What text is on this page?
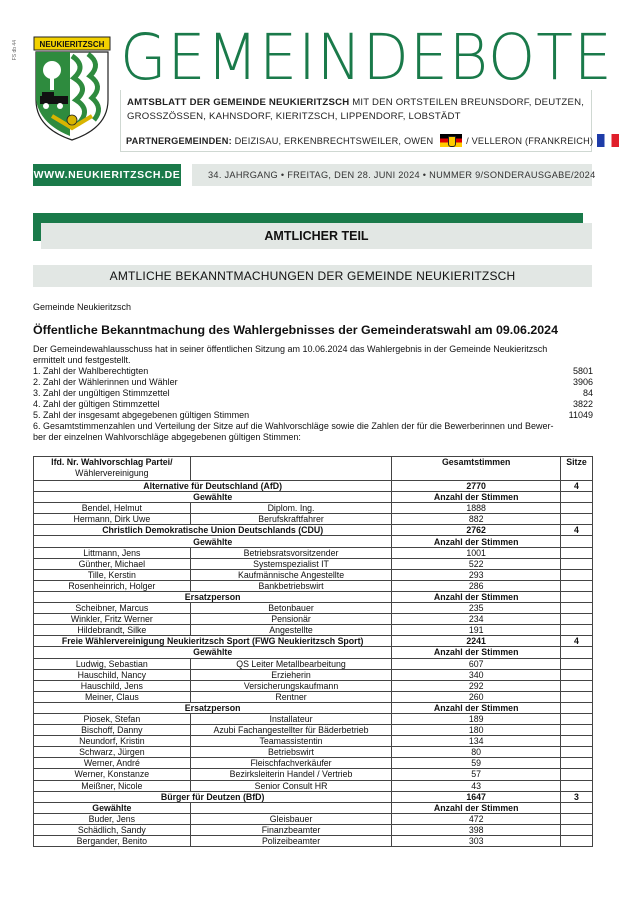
FS db 44	NEUKIERITZSCH GEMEINDEBOTE
AMTSBLATT DER GEMEINDE NEUKIERITZSCH MIT DEN ORTSTEILEN BREUNSDORF, DEUTZEN,
GROSSZÖSSEN, KAHNSDORF, KIERITZSCH, LIPPENDORF, LOBSTÄDT
PARTNERGEMEINDEN: DEIZISAU, ERKENBRECHTSWEILER, OWEN	/ VELLERON (FRANKREICH)
WWW.NEUKIERITZSCH.DE	34. JAHRGANG • FREITAG, DEN 28. JUNI 2024 • NUMMER 9/SONDERAUSGABE/2024
AMTLICHER TEIL
AMTLICHE BEKANNTMACHUNGEN DER GEMEINDE NEUKIERITZSCH
Gemeinde Neukieritzsch
Öffentliche Bekanntmachung des Wahlergebnisses der Gemeinderatswahl am 09.06.2024
Der Gemeindewahlausschuss hat in seiner öffentlichen Sitzung am 10.06.2024 das Wahlergebnis in der Gemeinde Neukieritzsch
ermittelt und festgestellt.
1. Zahl der Wahlberechtigten	5801
2. Zahl der Wählerinnen und Wähler	3906
3. Zahl der ungültigen Stimmzettel	84
4. Zahl der gültigen Stimmzettel	3822
5. Zahl der insgesamt abgegebenen gültigen Stimmen	11049
6. Gesamtstimmenzahlen und Verteilung der Sitze auf die Wahlvorschläge sowie die Zahlen der für die Bewerberinnen und Bewer-
ber der einzelnen Wahlvorschläge abgegebenen gültigen Stimmen:
lfd. Nr. Wahlvorschlag Partei/
Wählervereinigung		Gesamtstimmen	Sitze
Alternative für Deutschland (AfD)		2770	4
Gewählte		Anzahl der Stimmen	
Bendel, Helmut	Diplom. Ing.	1888	
Hermann, Dirk Uwe	Berufskraftfahrer	882	
Christlich Demokratische Union Deutschlands (CDU)		2762	4
Gewählte		Anzahl der Stimmen	
Littmann, Jens	Betriebsratsvorsitzender	1001	
Günther, Michael	Systemspezialist IT	522	
Tille, Kerstin	Kaufmännische Angestellte	293	
Rosenheinrich, Holger	Bankbetriebswirt	286	
Ersatzperson		Anzahl der Stimmen	
Scheibner, Marcus	Betonbauer	235	
Winkler, Fritz Werner	Pensionär	234	
Hildebrandt, Silke	Angestellte	191	
Freie Wählervereinigung Neukieritzsch Sport (FWG Neukieritzsch Sport)		2241	4
Gewählte		Anzahl der Stimmen	
Ludwig, Sebastian	QS Leiter Metallbearbeitung	607	
Hauschild, Nancy	Erzieherin	340	
Hauschild, Jens	Versicherungskaufmann	292	
Meiner, Claus	Rentner	260	
Ersatzperson		Anzahl der Stimmen	
Piosek, Stefan	Installateur	189	
Bischoff, Danny	Azubi Fachangestellter für Bäderbetrieb	180	
Neundorf, Kristin	Teamassistentin	134	
Schwarz, Jürgen	Betriebswirt	80	
Werner, André	Fleischfachverkäufer	59	
Werner, Konstanze	Bezirksleiterin Handel / Vertrieb	57	
Meißner, Nicole	Senior Consult HR	43	
Bürger für Deutzen (BfD)		1647	3
Gewählte		Anzahl der Stimmen	
Buder, Jens	Gleisbauer	472	
Schädlich, Sandy	Finanzbeamter	398	
Bergander, Benito	Polizeibeamter	303	
